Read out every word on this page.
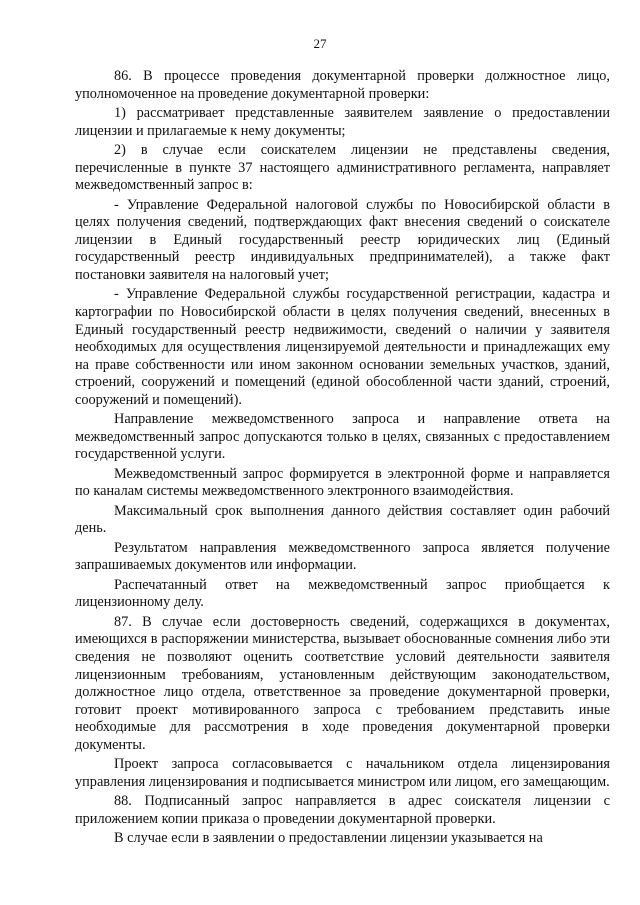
27

86. В процессе проведения документарной проверки должностное лицо, уполномоченное на проведение документарной проверки:

1) рассматривает представленные заявителем заявление о предоставлении лицензии и прилагаемые к нему документы;

2) в случае если соискателем лицензии не представлены сведения, перечисленные в пункте 37 настоящего административного регламента, направляет межведомственный запрос в:

- Управление Федеральной налоговой службы по Новосибирской области в целях получения сведений, подтверждающих факт внесения сведений о соискателе лицензии в Единый государственный реестр юридических лиц (Единый государственный реестр индивидуальных предпринимателей), а также факт постановки заявителя на налоговый учет;

- Управление Федеральной службы государственной регистрации, кадастра и картографии по Новосибирской области в целях получения сведений, внесенных в Единый государственный реестр недвижимости, сведений о наличии у заявителя необходимых для осуществления лицензируемой деятельности и принадлежащих ему на праве собственности или ином законном основании земельных участков, зданий, строений, сооружений и помещений (единой обособленной части зданий, строений, сооружений и помещений).

Направление межведомственного запроса и направление ответа на межведомственный запрос допускаются только в целях, связанных с предоставлением государственной услуги.

Межведомственный запрос формируется в электронной форме и направляется по каналам системы межведомственного электронного взаимодействия.

Максимальный срок выполнения данного действия составляет один рабочий день.

Результатом направления межведомственного запроса является получение запрашиваемых документов или информации.

Распечатанный ответ на межведомственный запрос приобщается к лицензионному делу.

87. В случае если достоверность сведений, содержащихся в документах, имеющихся в распоряжении министерства, вызывает обоснованные сомнения либо эти сведения не позволяют оценить соответствие условий деятельности заявителя лицензионным требованиям, установленным действующим законодательством, должностное лицо отдела, ответственное за проведение документарной проверки, готовит проект мотивированного запроса с требованием представить иные необходимые для рассмотрения в ходе проведения документарной проверки документы.

Проект запроса согласовывается с начальником отдела лицензирования управления лицензирования и подписывается министром или лицом, его замещающим.

88. Подписанный запрос направляется в адрес соискателя лицензии с приложением копии приказа о проведении документарной проверки.

В случае если в заявлении о предоставлении лицензии указывается на
